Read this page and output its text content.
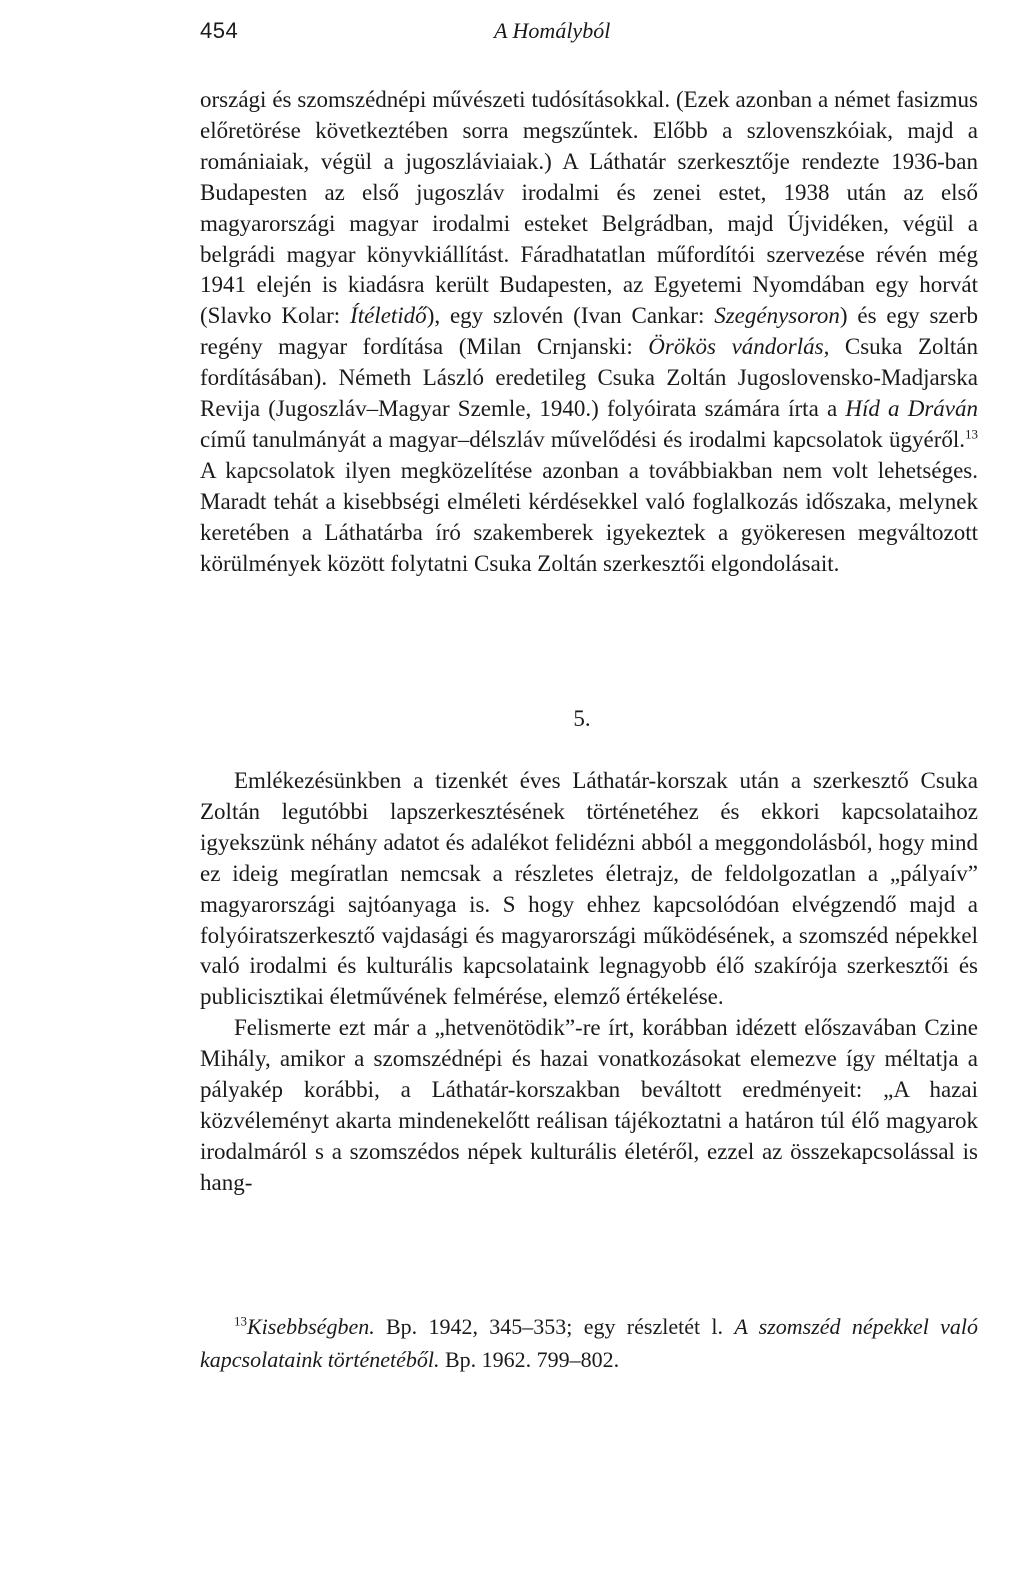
454	A Homályból

országi és szomszédnépi művészeti tudósításokkal. (Ezek azonban a német fasizmus előretörése következtében sorra megszűntek. Előbb a szlovenszkóiak, majd a romániaiak, végül a jugoszláviaiak.) A Láthatár szerkesztője rendezte 1936-ban Budapesten az első jugoszláv irodalmi és zenei estet, 1938 után az első magyarországi magyar irodalmi esteket Belgrádban, majd Újvidéken, végül a belgrádi magyar könyvkiállítást. Fáradhatatlan műfordítói szervezése révén még 1941 elején is kiadásra került Budapesten, az Egyetemi Nyomdában egy horvát (Slavko Kolar: Ítéletidő), egy szlovén (Ivan Cankar: Szegénysoron) és egy szerb regény magyar fordítása (Milan Crnjanski: Örökös vándorlás, Csuka Zoltán fordításában). Németh László eredetileg Csuka Zoltán Jugoslovensko-Madjarska Revija (Jugoszláv–Magyar Szemle, 1940.) folyóirata számára írta a Híd a Dráván című tanulmányát a magyar–délszláv művelődési és irodalmi kapcsolatok ügyéről.$^{13}$ A kapcsolatok ilyen megközelítése azonban a továbbiakban nem volt lehetséges. Maradt tehát a kisebbségi elméleti kérdésekkel való foglalkozás időszaka, melynek keretében a Láthatárba író szakemberek igyekeztek a gyökeresen megváltozott körülmények között folytatni Csuka Zoltán szerkesztői elgondolásait.

5.

Emlékezésünkben a tizenkét éves Láthatár-korszak után a szerkesztő Csuka Zoltán legutóbbi lapszerkesztésének történetéhez és ekkori kapcsolataihoz igyekszünk néhány adatot és adalékot felidézni abból a meggondolásból, hogy mind ez ideig megíratlan nemcsak a részletes életrajz, de feldolgozatlan a „pályaív” magyarországi sajtóanyaga is. S hogy ehhez kapcsolódóan elvégzendő majd a folyóiratszerkesztő vajdasági és magyarországi működésének, a szomszéd népekkel való irodalmi és kulturális kapcsolataink legnagyobb élő szakírója szerkesztői és publicisztikai életművének felmérése, elemző értékelése.

Felismerte ezt már a „hetvenötödik”-re írt, korábban idézett előszavában Czine Mihály, amikor a szomszédnépi és hazai vonatkozásokat elemezve így méltatja a pályakép korábbi, a Láthatár-korszakban beváltott eredményeit: „A hazai közvéleményt akarta mindenekelőtt reálisan tájékoztatni a határon túl élő magyarok irodalmáról s a szomszédos népek kulturális életéről, ezzel az összekapcsolással is hang-

$^{13}$Kisebbségben. Bp. 1942, 345–353; egy részletét l. A szomszéd népekkel való kapcsolataink történetéből. Bp. 1962. 799–802.
